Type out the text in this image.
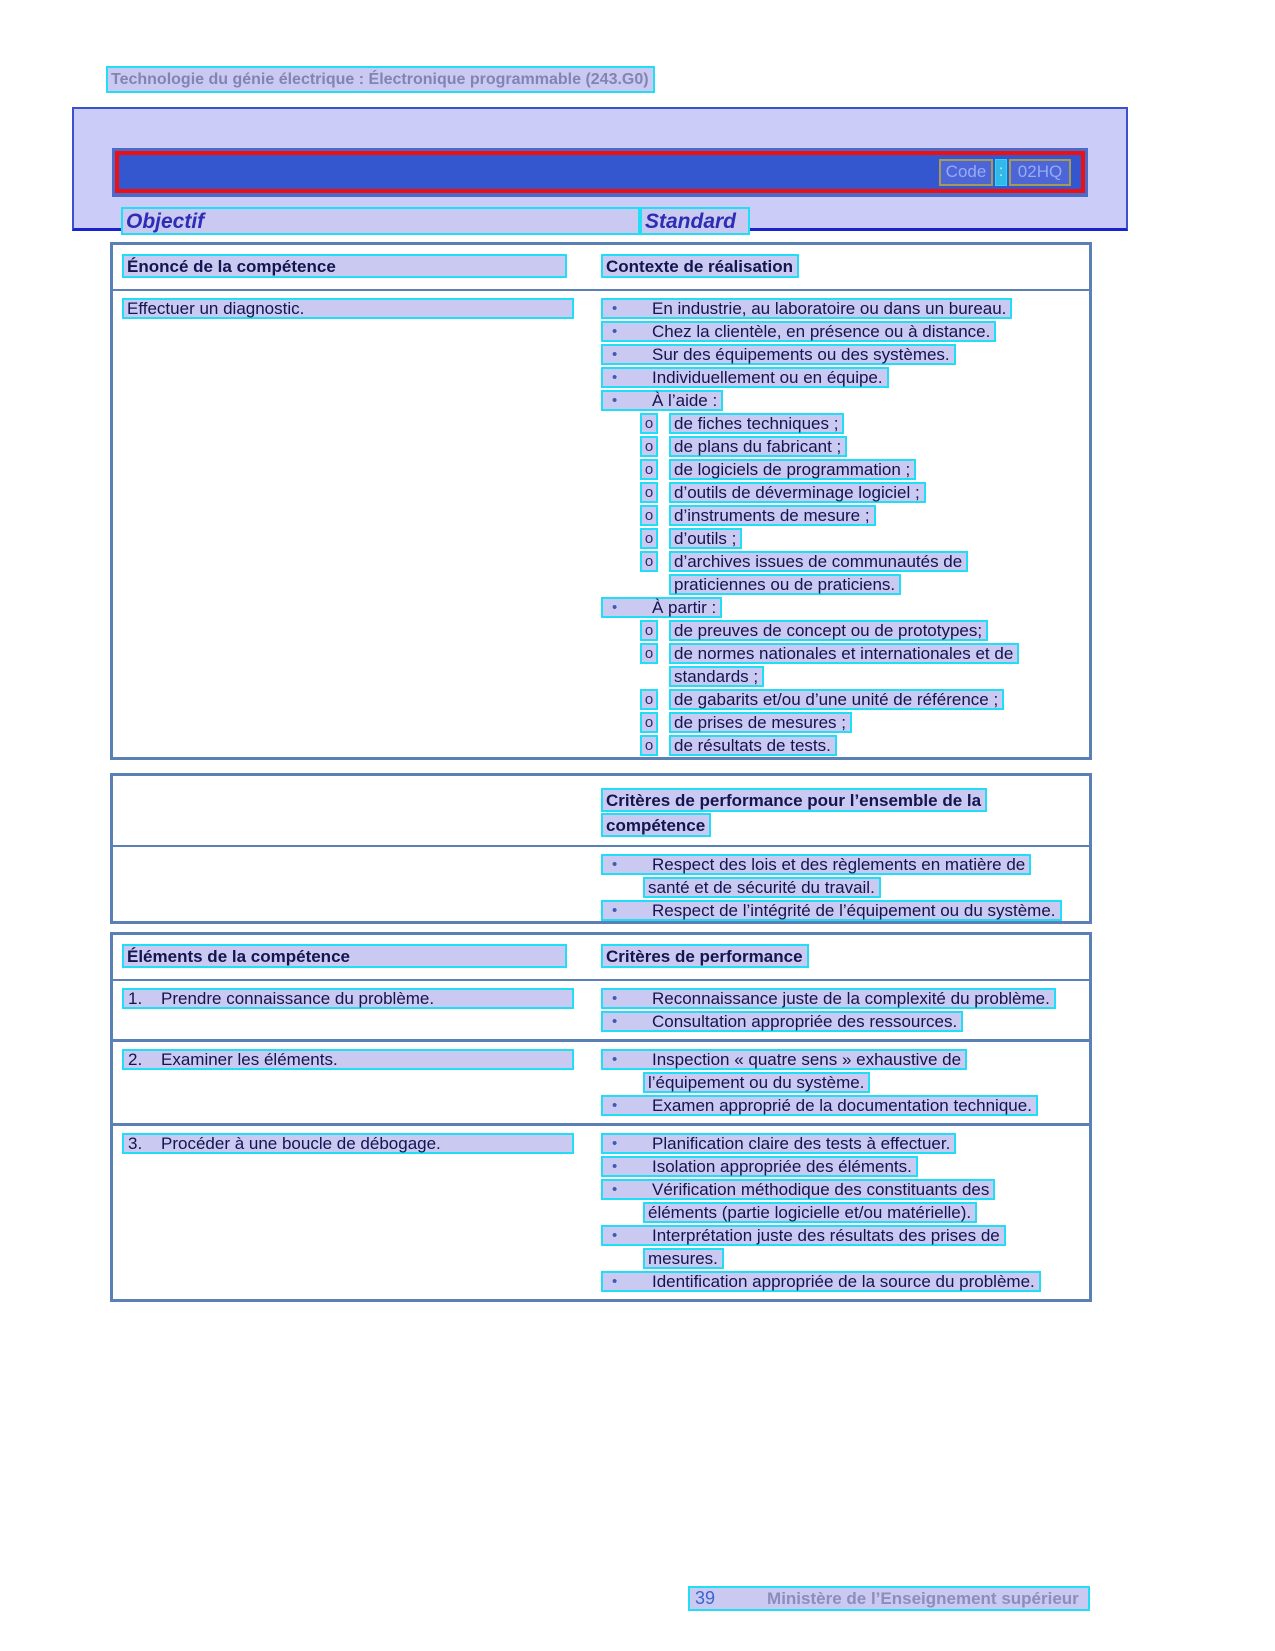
Technologie du génie électrique : Électronique programmable (243.G0)
Code : 02HQ
Objectif	Standard
Énoncé de la compétence	Contexte de réalisation
Effectuer un diagnostic.	•	En industrie, au laboratoire ou dans un bureau.
•	Chez la clientèle, en présence ou à distance.
•	Sur des équipements ou des systèmes.
•	Individuellement ou en équipe.
•	À l’aide :
o de fiches techniques ;
o de plans du fabricant ;
o de logiciels de programmation ;
o d’outils de déverminage logiciel ;
o d’instruments de mesure ;
o d’outils ;
o d’archives issues de communautés de
praticiennes ou de praticiens.
•	À partir :
o de preuves de concept ou de prototypes;
o de normes nationales et internationales et de
standards ;
o de gabarits et/ou d’une unité de référence ;
o de prises de mesures ;
o de résultats de tests.
Critères de performance pour l’ensemble de la
compétence
•	Respect des lois et des règlements en matière de
santé et de sécurité du travail.
•	Respect de l’intégrité de l’équipement ou du système.
Éléments de la compétence	Critères de performance
1.	Prendre connaissance du problème.	•	Reconnaissance juste de la complexité du problème.
•	Consultation appropriée des ressources.
2.	Examiner les éléments.	•	Inspection « quatre sens » exhaustive de
l’équipement ou du système.
•	Examen approprié de la documentation technique.
3.	Procéder à une boucle de débogage.	•	Planification claire des tests à effectuer.
•	Isolation appropriée des éléments.
•	Vérification méthodique des constituants des
éléments (partie logicielle et/ou matérielle).
•	Interprétation juste des résultats des prises de
mesures.
•	Identification appropriée de la source du problème.
39	Ministère de l’Enseignement supérieur
